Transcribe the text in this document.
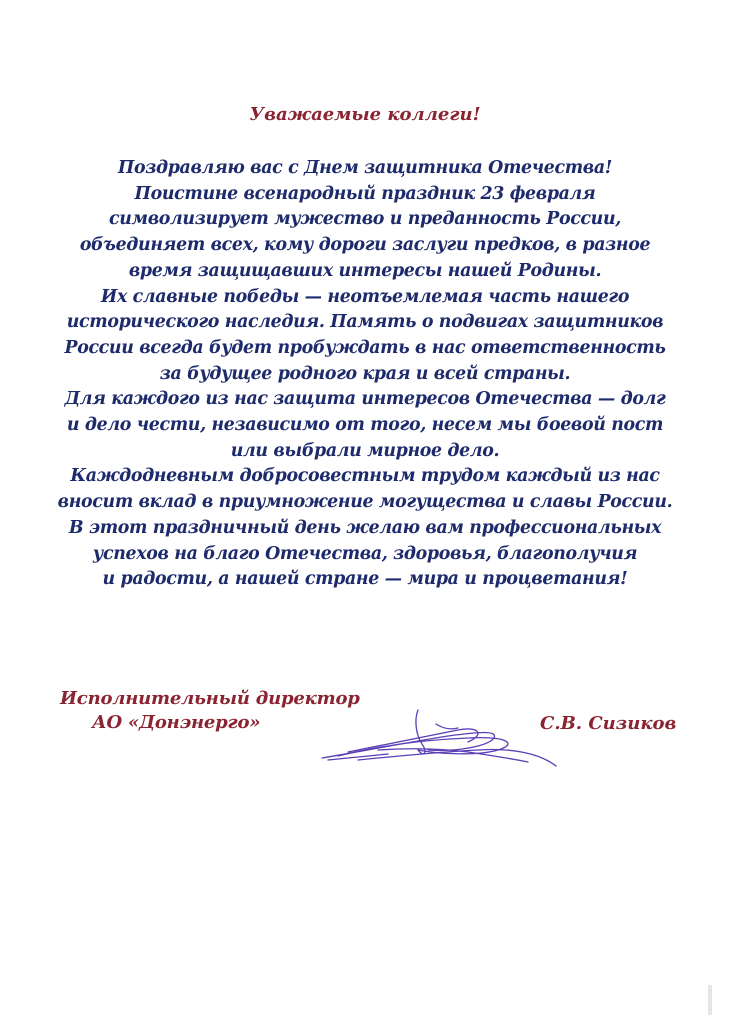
Уважаемые коллеги!
Поздравляю вас с Днем защитника Отечества!
Поистине всенародный праздник 23 февраля
символизирует мужество и преданность России,
объединяет всех, кому дороги заслуги предков, в разное
время защищавших интересы нашей Родины.
Их славные победы — неотъемлемая часть нашего
исторического наследия. Память о подвигах защитников
России всегда будет пробуждать в нас ответственность
за будущее родного края и всей страны.
Для каждого из нас защита интересов Отечества — долг
и дело чести, независимо от того, несем мы боевой пост
или выбрали мирное дело.
Каждодневным добросовестным трудом каждый из нас
вносит вклад в приумножение могущества и славы России.
В этот праздничный день желаю вам профессиональных
успехов на благо Отечества, здоровья, благополучия
и радости, а нашей стране — мира и процветания!
Исполнительный директор
АО «Донэнерго»	С.В. Сизиков
